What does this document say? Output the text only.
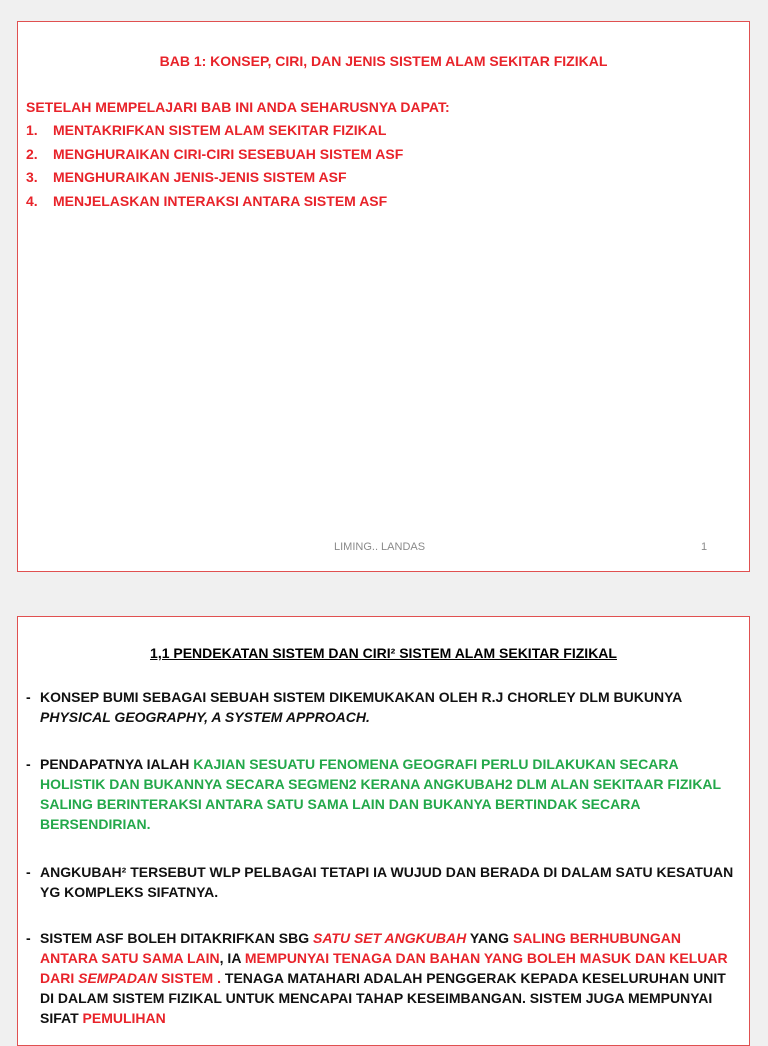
BAB 1: KONSEP, CIRI, DAN JENIS SISTEM ALAM SEKITAR FIZIKAL

SETELAH MEMPELAJARI BAB INI ANDA SEHARUSNYA DAPAT:

1. MENTAKRIFKAN SISTEM ALAM SEKITAR FIZIKAL
2. MENGHURAIKAN CIRI-CIRI SESEBUAH SISTEM ASF
3. MENGHURAIKAN JENIS-JENIS SISTEM ASF
4. MENJELASKAN INTERAKSI ANTARA SISTEM ASF
LIMING.. LANDAS	1

1,1 PENDEKATAN SISTEM DAN CIRI² SISTEM ALAM SEKITAR FIZIKAL

- KONSEP BUMI SEBAGAI SEBUAH SISTEM DIKEMUKAKAN OLEH R.J CHORLEY DLM BUKUNYA PHYSICAL GEOGRAPHY, A SYSTEM APPROACH.
- PENDAPATNYA IALAH KAJIAN SESUATU FENOMENA GEOGRAFI PERLU DILAKUKAN SECARA HOLISTIK DAN BUKANNYA SECARA SEGMEN2 KERANA ANGKUBAH2 DLM ALAN SEKITAAR FIZIKAL SALING BERINTERAKSI ANTARA SATU SAMA LAIN DAN BUKANYA BERTINDAK SECARA BERSENDIRIAN.
- ANGKUBAH² TERSEBUT WLP PELBAGAI TETAPI IA WUJUD DAN BERADA DI DALAM SATU KESATUAN YG KOMPLEKS SIFATNYA.
- SISTEM ASF BOLEH DITAKRIFKAN SBG SATU SET ANGKUBAH YANG SALING BERHUBUNGAN ANTARA SATU SAMA LAIN, IA MEMPUNYAI TENAGA DAN BAHAN YANG BOLEH MASUK DAN KELUAR DARI SEMPADAN SISTEM . TENAGA MATAHARI ADALAH PENGGERAK KEPADA KESELURUHAN UNIT DI DALAM SISTEM FIZIKAL UNTUK MENCAPAI TAHAP KESEIMBANGAN. SISTEM JUGA MEMPUNYAI SIFAT PEMULIHAN
